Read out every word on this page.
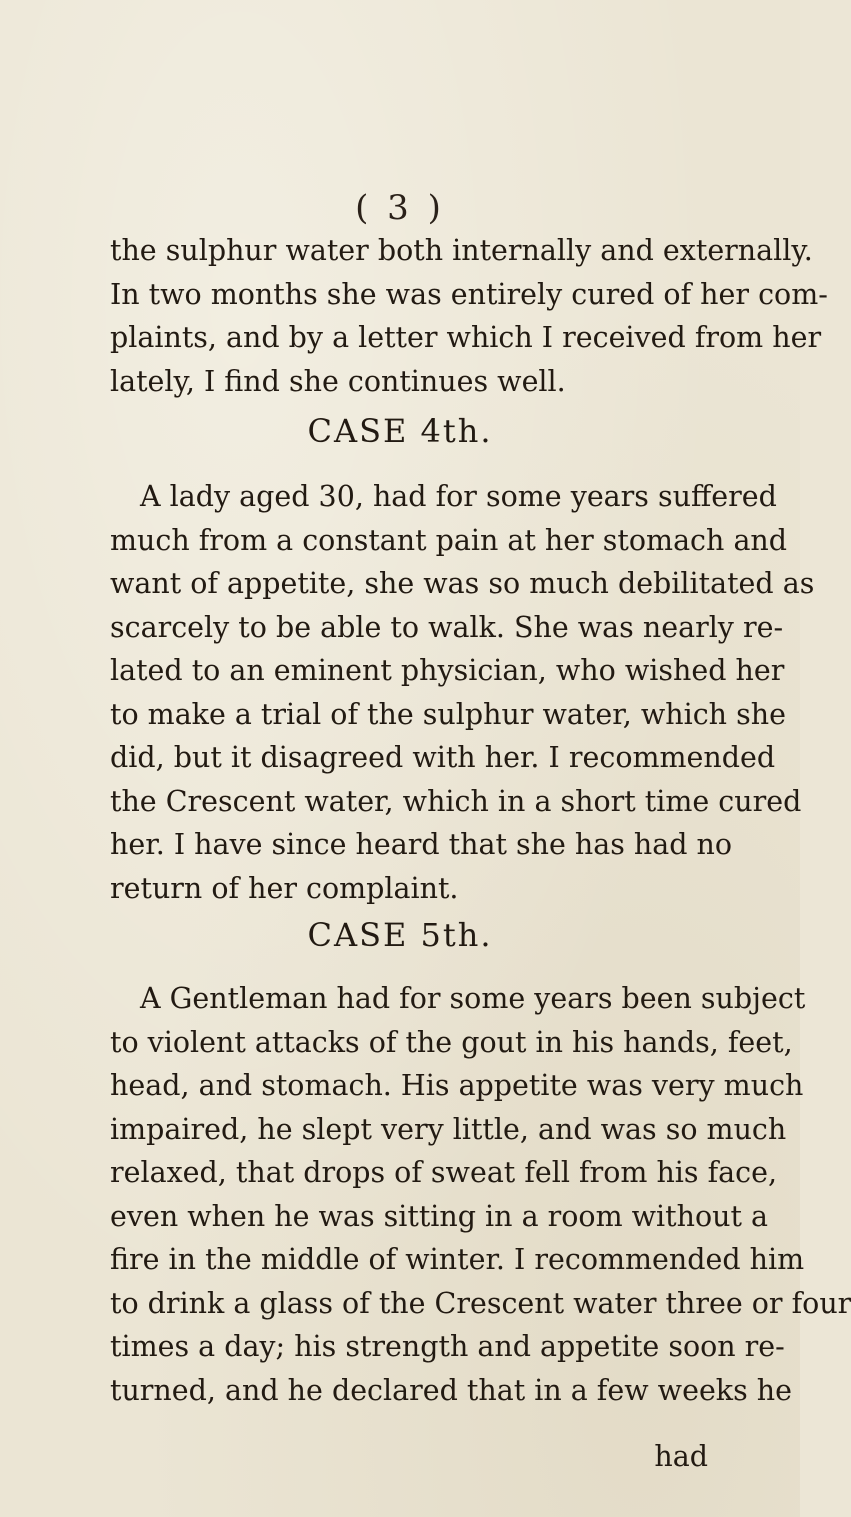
( 3 )
the sulphur water both internally and externally.
In two months she was entirely cured of her com-
plaints, and by a letter which I received from her
lately, I find she continues well.
CASE 4th.
A lady aged 30, had for some years suffered
much from a constant pain at her stomach and
want of appetite, she was so much debilitated as
scarcely to be able to walk. She was nearly re-
lated to an eminent physician, who wished her
to make a trial of the sulphur water, which she
did, but it disagreed with her. I recommended
the Crescent water, which in a short time cured
her. I have since heard that she has had no
return of her complaint.
CASE 5th.
A Gentleman had for some years been subject
to violent attacks of the gout in his hands, feet,
head, and stomach. His appetite was very much
impaired, he slept very little, and was so much
relaxed, that drops of sweat fell from his face,
even when he was sitting in a room without a
fire in the middle of winter. I recommended him
to drink a glass of the Crescent water three or four
times a day; his strength and appetite soon re-
turned, and he declared that in a few weeks he
had
